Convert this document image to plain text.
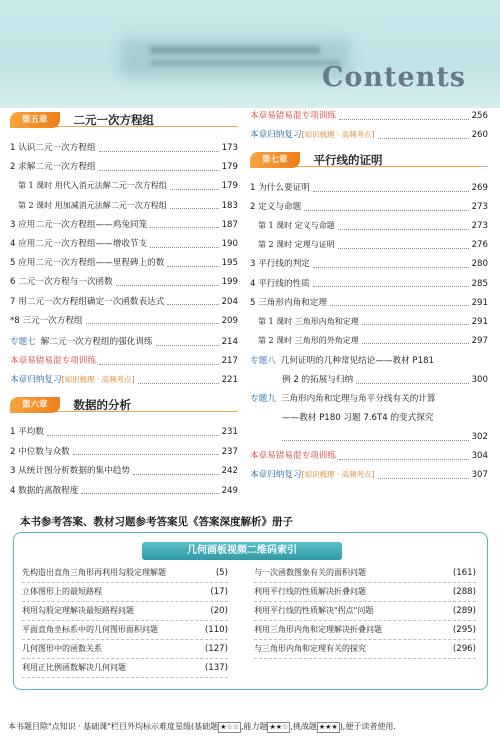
Contents
第五章	二元一次方程组
1 认识二元一次方程组	173
2 求解二元一次方程组	179
第 1 课时 用代入消元法解二元一次方程组	179
第 2 课时 用加减消元法解二元一次方程组	183
3 应用二元一次方程组——鸡兔同笼	187
4 应用二元一次方程组——增收节支	190
5 应用二元一次方程组——里程碑上的数	195
6 二元一次方程与一次函数	199
7 用二元一次方程组确定一次函数表达式	204
*8 三元一次方程组	209
专题七 解二元一次方程组的强化训练	214
本章易错易混专项训练	217
本章归纳复习 [知识梳理 · 高频考点]	221
第六章	数据的分析
1 平均数	231
2 中位数与众数	237
3 从统计图分析数据的集中趋势	242
4 数据的离散程度	249
本章易错易混专项训练	256
本章归纳复习 [知识梳理 · 高频考点]	260
第七章	平行线的证明
1 为什么要证明	269
2 定义与命题	273
第 1 课时 定义与命题	273
第 2 课时 定理与证明	276
3 平行线的判定	280
4 平行线的性质	285
5 三角形内角和定理	291
第 1 课时 三角形内角和定理	291
第 2 课时 三角形的外角定理	297
专题八 几何证明的几种常见结论——教材 P181
例 2 的拓展与归纳	300
专题九 三角形内角和定理与角平分线有关的计算
——教材 P180 习题 7.6T4 的变式探究
302
本章易错易混专项训练	304
本章归纳复习 [知识梳理 · 高频考点]	307
本书参考答案、教材习题参考答案见《答案深度解析》册子
几何画板视频二维码索引
先构造出直角三角形再利用勾股定理解题	(5)
立体图形上的最短路程	(17)
利用勾股定理解决最短路程问题	(20)
平面直角坐标系中的几何图形面积问题	(110)
几何图形中的函数关系	(127)
利用正比例函数解决几何问题	(137)
与一次函数图象有关的面积问题	(161)
利用平行线的性质解决折叠问题	(288)
利用平行线的性质解决"拐点"问题	(289)
利用三角形内角和定理解决折叠问题	(295)
与三角形内角和定理有关的探究	(296)
本书题目除"点知识 · 基础课"栏目外均标示难度星级(基础题 ★☆☆ ,能力题 ★★☆ ,挑战题 ★★★ ),便于读者使用.
